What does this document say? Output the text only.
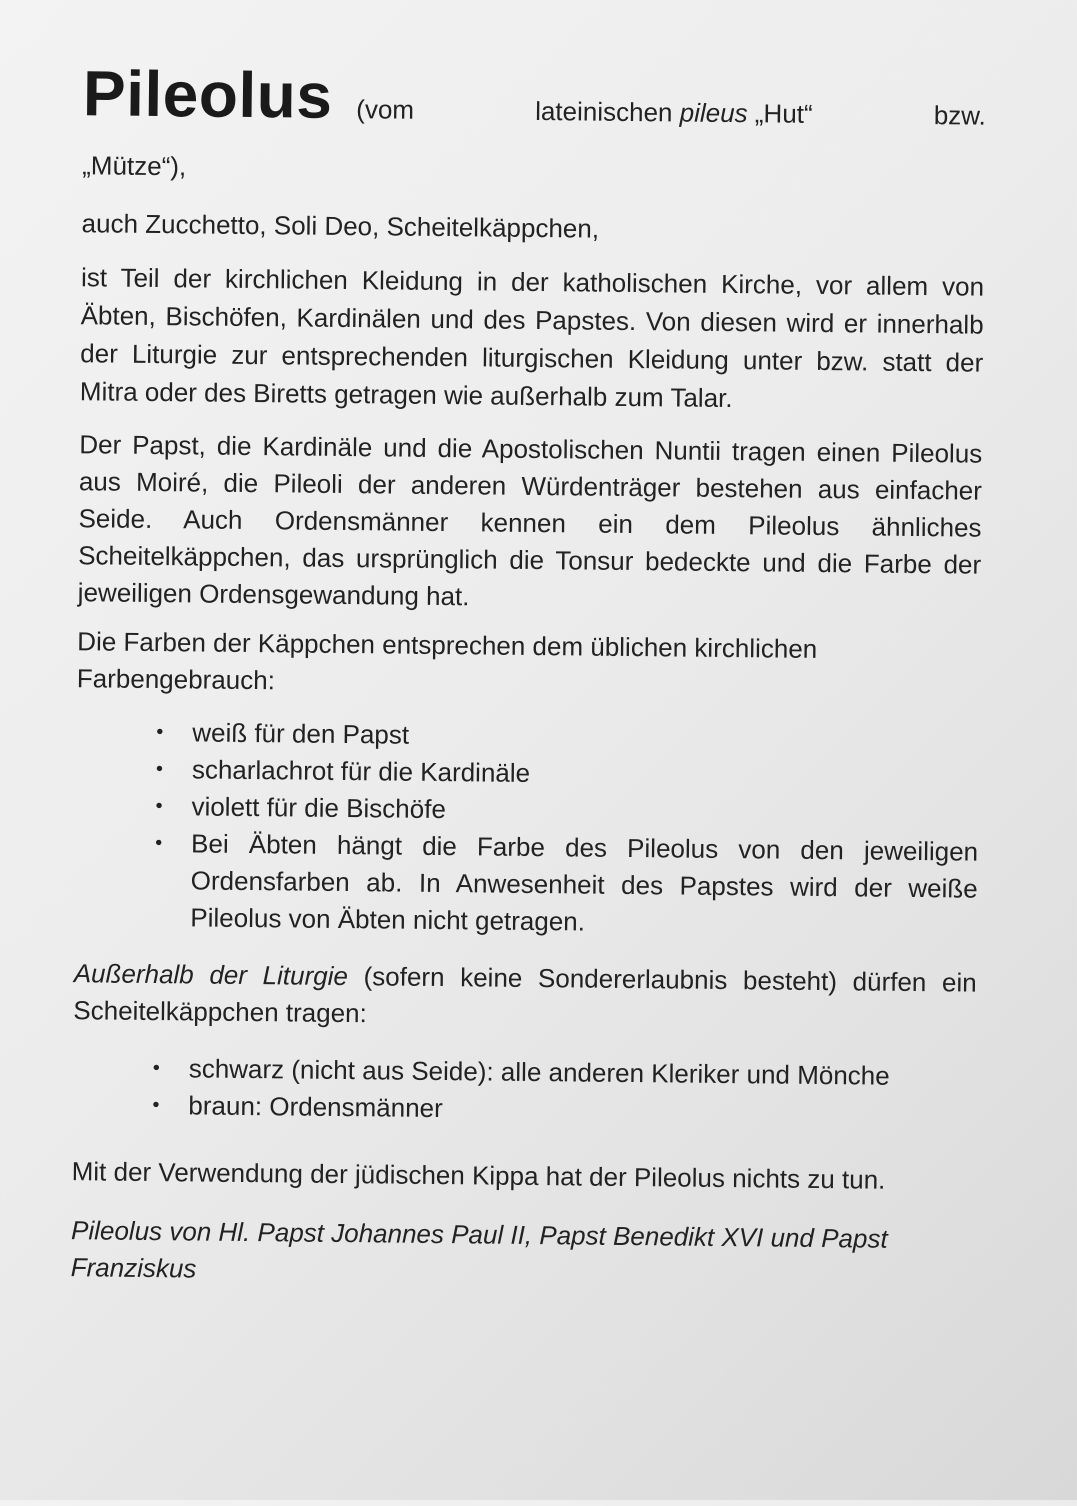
Pileolus (vom	lateinischen pileus „Hut“	bzw.

„Mütze“),

auch Zucchetto, Soli Deo, Scheitelkäppchen,

ist Teil der kirchlichen Kleidung in der katholischen Kirche, vor allem von Äbten, Bischöfen, Kardinälen und des Papstes. Von diesen wird er innerhalb der Liturgie zur entsprechenden liturgischen Kleidung unter bzw. statt der Mitra oder des Biretts getragen wie außerhalb zum Talar.

Der Papst, die Kardinäle und die Apostolischen Nuntii tragen einen Pileolus aus Moiré, die Pileoli der anderen Würdenträger bestehen aus einfacher Seide. Auch Ordensmänner kennen ein dem Pileolus ähnliches Scheitelkäppchen, das ursprünglich die Tonsur bedeckte und die Farbe der jeweiligen Ordensgewandung hat.

Die Farben der Käppchen entsprechen dem üblichen kirchlichen Farbengebrauch:

• weiß für den Papst
• scharlachrot für die Kardinäle
• violett für die Bischöfe
• Bei Äbten hängt die Farbe des Pileolus von den jeweiligen Ordensfarben ab. In Anwesenheit des Papstes wird der weiße Pileolus von Äbten nicht getragen.

Außerhalb der Liturgie (sofern keine Sondererlaubnis besteht) dürfen ein Scheitelkäppchen tragen:

• schwarz (nicht aus Seide): alle anderen Kleriker und Mönche
• braun: Ordensmänner

Mit der Verwendung der jüdischen Kippa hat der Pileolus nichts zu tun.

Pileolus von Hl. Papst Johannes Paul II, Papst Benedikt XVI und Papst Franziskus
